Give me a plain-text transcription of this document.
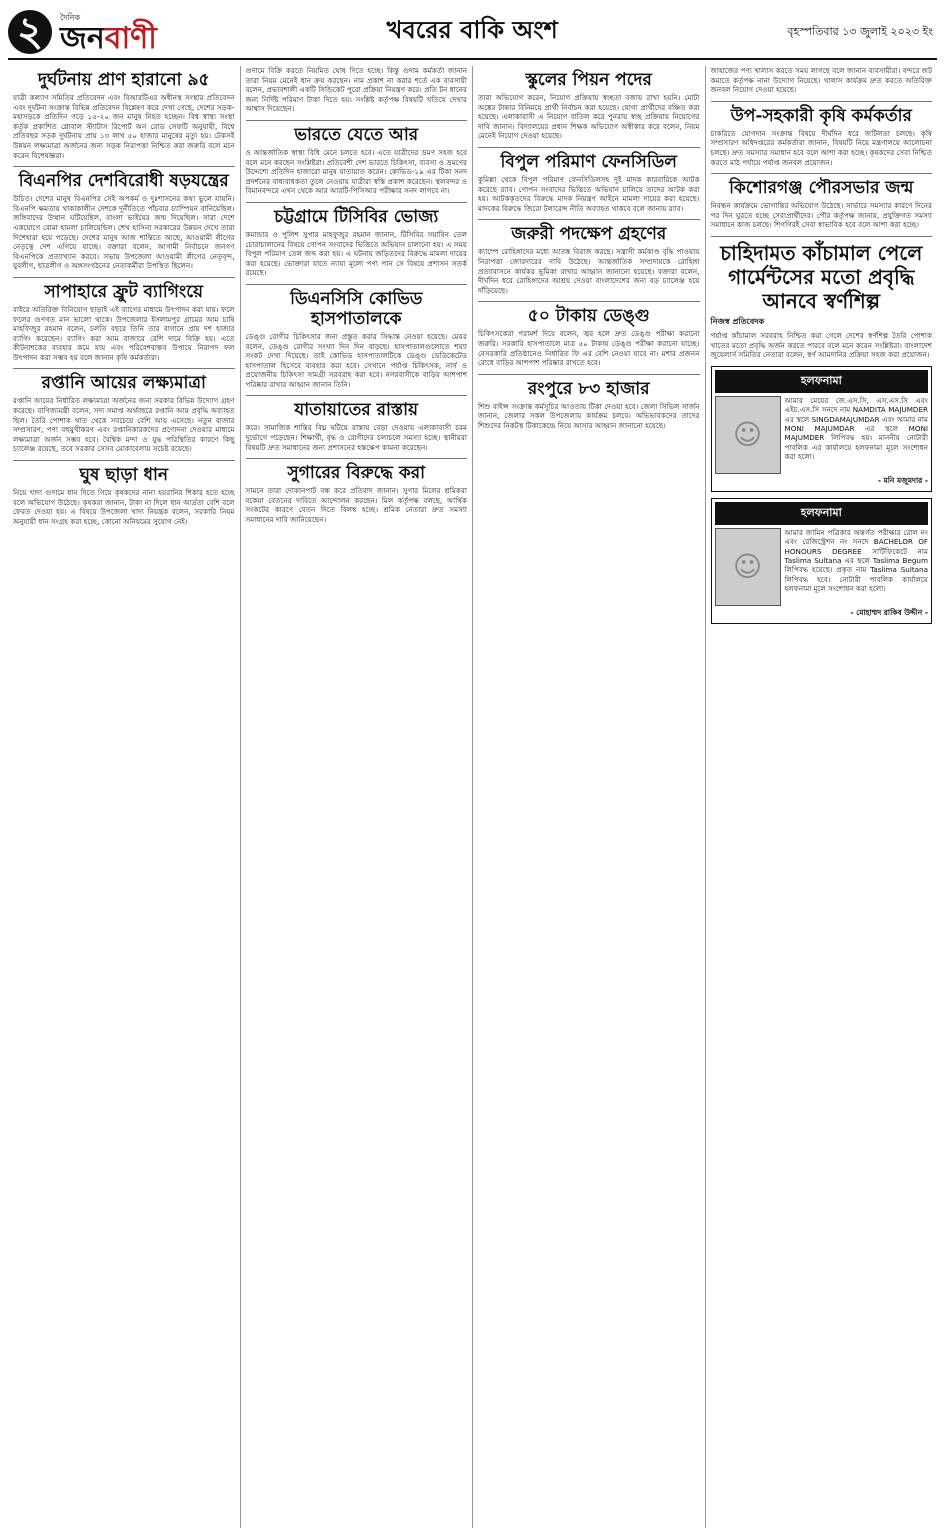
২	দৈনিক
জনবাণী	খবরের বাকি অংশ	বৃহস্পতিবার ১৩ জুলাই ২০২৩ ইং
দুর্ঘটনায় প্রাণ হারানো ৯৫
যাত্রী কল্যাণ সমিতির প্রতিবেদন এবং বিআরটিএর অধীনস্থ সংস্থার প্রতিবেদন এবং দুর্ঘটনা সংক্রান্ত বিভিন্ন প্রতিবেদন বিশ্লেষণ করে দেখা গেছে, দেশের সড়ক-মহাসড়কে প্রতিদিন গড়ে ১৫-২০ জন মানুষ নিহত হচ্ছেন। বিশ্ব স্বাস্থ্য সংস্থা কর্তৃক প্রকাশিত গ্লোবাল স্ট্যাটাস রিপোর্ট অন রোড সেফটি অনুযায়ী, বিশ্বে প্রতিবছর সড়ক দুর্ঘটনায় প্রায় ১৩ লাখ ৫০ হাজার মানুষের মৃত্যু হয়। টেকসই উন্নয়ন লক্ষ্যমাত্রা অর্জনের জন্য সড়ক নিরাপত্তা নিশ্চিত করা জরুরি বলে মনে করেন বিশেষজ্ঞরা।
বিএনপির দেশবিরোধী ষড়যন্ত্রের
উচিত। দেশের মানুষ বিএনপির সেই অপকর্ম ও দুঃশাসনের কথা ভুলে যায়নি। বিএনপি ক্ষমতায় থাকাকালীন দেশকে দুর্নীতিতে পাঁচবার চ্যাম্পিয়ন বানিয়েছিল। জঙ্গিবাদের উত্থান ঘটিয়েছিল, বাংলা ভাইয়ের জন্ম দিয়েছিল। সারা দেশে একযোগে বোমা হামলা চালিয়েছিল। শেখ হাসিনা সরকারের উন্নয়ন দেখে তারা দিশেহারা হয়ে পড়েছে। দেশের মানুষ আজ শান্তিতে আছে, আওয়ামী লীগের নেতৃত্বে দেশ এগিয়ে যাচ্ছে। বক্তারা বলেন, আগামী নির্বাচনে জনগণ বিএনপিকে প্রত্যাখ্যান করবে। সভায় উপজেলা আওয়ামী লীগের নেতৃবৃন্দ, যুবলীগ, ছাত্রলীগ ও অঙ্গসংগঠনের নেতাকর্মীরা উপস্থিত ছিলেন।
সাপাহারে ফ্রুট ব্যাগিংয়ে
বাইরে অতিরিক্ত বিনিয়োগ ছাড়াই এই ব্যাগের মাধ্যমে উৎপাদন করা যায়। ফলে ফলের গুণগত মান ভালো থাকে। উপজেলার ইসলামপুর গ্রামের আম চাষি মাহফিজুর রহমান বলেন, চলতি বছরে তিনি তার বাগানে প্রায় দশ হাজার ব্যাগিং করেছেন। ব্যাগিং করা আম বাজারে বেশি দামে বিক্রি হয়। এতে কীটনাশকের ব্যবহার কমে যায় এবং পরিবেশবান্ধব উপায়ে নিরাপদ ফল উৎপাদন করা সম্ভব হয় বলে জানান কৃষি কর্মকর্তারা।
রপ্তানি আয়ের লক্ষ্যমাত্রা
রপ্তানি আয়ের নির্ধারিত লক্ষ্যমাত্রা অর্জনের জন্য সরকার বিভিন্ন উদ্যোগ গ্রহণ করেছে। বাণিজ্যমন্ত্রী বলেন, সদ্য সমাপ্ত অর্থবছরে রপ্তানি আয় প্রবৃদ্ধি অব্যাহত ছিল। তৈরি পোশাক খাত থেকে সবচেয়ে বেশি আয় এসেছে। নতুন বাজার সম্প্রসারণ, পণ্য বহুমুখীকরণ এবং রপ্তানিকারকদের প্রণোদনা দেওয়ার মাধ্যমে লক্ষ্যমাত্রা অর্জন সম্ভব হবে। বৈশ্বিক মন্দা ও যুদ্ধ পরিস্থিতির কারণে কিছু চ্যালেঞ্জ রয়েছে, তবে সরকার সেসব মোকাবেলায় সচেষ্ট রয়েছে।
ঘুষ ছাড়া ধান
নিয়ে খাদ্য গুদামে ধান দিতে গিয়ে কৃষকদের নানা হয়রানির শিকার হতে হচ্ছে বলে অভিযোগ উঠেছে। কৃষকরা জানান, টাকা না দিলে ধান আর্দ্রতা বেশি বলে ফেরত দেওয়া হয়। এ বিষয়ে উপজেলা খাদ্য নিয়ন্ত্রক বলেন, সরকারি নিয়ম অনুযায়ী ধান সংগ্রহ করা হচ্ছে, কোনো অনিয়মের সুযোগ নেই।
গুদামে বিক্রি করতে নিয়মিত ঘোষ দিতে হচ্ছে। কিন্তু গুদাম কর্মকর্তা জানান তারা নিয়ম মেনেই ধান ক্রয় করছেন। নাম প্রকাশ না করার শর্তে এক ব্যবসায়ী বলেন, প্রভাবশালী একটি সিন্ডিকেট পুরো প্রক্রিয়া নিয়ন্ত্রণ করে। প্রতি টন ধানের জন্য নির্দিষ্ট পরিমাণ টাকা দিতে হয়। সংশ্লিষ্ট কর্তৃপক্ষ বিষয়টি খতিয়ে দেখার আশ্বাস দিয়েছেন।
ভারতে যেতে আর
ও আন্তর্জাতিক স্বাস্থ্য বিধি মেনে চলতে হবে। এতে যাত্রীদের ভ্রমণ সহজ হবে বলে মনে করছেন সংশ্লিষ্টরা। প্রতিবেশী দেশ ভারতে চিকিৎসা, ব্যবসা ও ভ্রমণের উদ্দেশ্যে প্রতিদিন হাজারো মানুষ যাতায়াত করেন। কোভিড-১৯ এর টিকা সনদ প্রদর্শনের বাধ্যবাধকতা তুলে নেওয়ায় যাত্রীরা স্বস্তি প্রকাশ করেছেন। স্থলবন্দর ও বিমানবন্দরে এখন থেকে আর আরটি-পিসিআর পরীক্ষার সনদ লাগবে না।
চট্টগ্রামে টিসিবির ভোজ্য
কমান্ডার ও পুলিশ সুপার মাহফুজুর রহমান জানান, টিসিবির সয়াবিন তেল চোরাচালানের বিষয়ে গোপন সংবাদের ভিত্তিতে অভিযান চালানো হয়। এ সময় বিপুল পরিমাণ তেল জব্দ করা হয়। এ ঘটনায় জড়িতদের বিরুদ্ধে মামলা দায়ের করা হয়েছে। ভোক্তারা যাতে ন্যায্য মূল্যে পণ্য পান সে বিষয়ে প্রশাসন সতর্ক রয়েছে।
ডিএনসিসি কোভিড হাসপাতালকে
ডেঙ্গু রোগীর চিকিৎসার জন্য প্রস্তুত করার সিদ্ধান্ত নেওয়া হয়েছে। মেয়র বলেন, ডেঙ্গু রোগীর সংখ্যা দিন দিন বাড়ছে। হাসপাতালগুলোতে শয্যা সংকট দেখা দিয়েছে। তাই কোভিড হাসপাতালটিকে ডেঙ্গু ডেডিকেটেড হাসপাতাল হিসেবে ব্যবহার করা হবে। সেখানে পর্যাপ্ত চিকিৎসক, নার্স ও প্রয়োজনীয় চিকিৎসা সামগ্রী সরবরাহ করা হবে। নগরবাসীকে বাড়ির আশপাশ পরিষ্কার রাখার আহ্বান জানান তিনি।
যাতায়াতের রাস্তায়
করে। সামাজিক শান্তির বিঘ্ন ঘটিয়ে রাস্তায় বেড়া দেওয়ায় এলাকাবাসী চরম দুর্ভোগে পড়েছেন। শিক্ষার্থী, বৃদ্ধ ও রোগীদের চলাচলে সমস্যা হচ্ছে। স্থানীয়রা বিষয়টি দ্রুত সমাধানের জন্য প্রশাসনের হস্তক্ষেপ কামনা করেছেন।
সুগারের বিরুদ্ধে করা
সামনে তারা দোকানপাট বন্ধ করে প্রতিবাদ জানান। সুগার মিলের শ্রমিকরা বকেয়া বেতনের দাবিতে আন্দোলন করছেন। মিল কর্তৃপক্ষ বলছে, আর্থিক সংকটের কারণে বেতন দিতে বিলম্ব হচ্ছে। শ্রমিক নেতারা দ্রুত সমস্যা সমাধানের দাবি জানিয়েছেন।
স্কুলের পিয়ন পদের
তারা অভিযোগ করেন, নিয়োগ প্রক্রিয়ায় স্বচ্ছতা বজায় রাখা হয়নি। মোটা অঙ্কের টাকার বিনিময়ে প্রার্থী নির্বাচন করা হয়েছে। যোগ্য প্রার্থীদের বঞ্চিত করা হয়েছে। এলাকাবাসী এ নিয়োগ বাতিল করে পুনরায় স্বচ্ছ প্রক্রিয়ায় নিয়োগের দাবি জানান। বিদ্যালয়ের প্রধান শিক্ষক অভিযোগ অস্বীকার করে বলেন, নিয়ম মেনেই নিয়োগ দেওয়া হয়েছে।
বিপুল পরিমাণ ফেনসিডিল
কুমিল্লা থেকে বিপুল পরিমাণ ফেনসিডিলসহ দুই মাদক কারবারিকে আটক করেছে র‍্যাব। গোপন সংবাদের ভিত্তিতে অভিযান চালিয়ে তাদের আটক করা হয়। আটককৃতদের বিরুদ্ধে মাদক নিয়ন্ত্রণ আইনে মামলা দায়ের করা হয়েছে। মাদকের বিরুদ্ধে জিরো টলারেন্স নীতি অব্যাহত থাকবে বলে জানায় র‍্যাব।
জরুরী পদক্ষেপ গ্রহণের
ক্যাম্পে রোহিঙ্গাদের মধ্যে আতঙ্ক বিরাজ করছে। সন্ত্রাসী কর্মকাণ্ড বৃদ্ধি পাওয়ায় নিরাপত্তা জোরদারের দাবি উঠেছে। আন্তর্জাতিক সম্প্রদায়কে রোহিঙ্গা প্রত্যাবাসনে কার্যকর ভূমিকা রাখার আহ্বান জানানো হয়েছে। বক্তারা বলেন, দীর্ঘদিন ধরে রোহিঙ্গাদের আশ্রয় দেওয়া বাংলাদেশের জন্য বড় চ্যালেঞ্জ হয়ে দাঁড়িয়েছে।
৫০ টাকায় ডেঙ্গু
চিকিৎসকেরা পরামর্শ দিয়ে বলেন, জ্বর হলে দ্রুত ডেঙ্গু পরীক্ষা করানো জরুরি। সরকারি হাসপাতালে মাত্র ৫০ টাকায় ডেঙ্গু পরীক্ষা করানো যাচ্ছে। বেসরকারি প্রতিষ্ঠানেও নির্ধারিত ফি এর বেশি নেওয়া যাবে না। মশার প্রজনন রোধে বাড়ির আশপাশ পরিষ্কার রাখতে হবে।
রংপুরে ৮৩ হাজার
শিশু বাইপ্স সংক্রান্ত কর্মসূচির আওতায় টিকা দেওয়া হবে। জেলা সিভিল সার্জন জানান, জেলার সকল উপজেলায় কার্যক্রম চলবে। অভিভাবকদের তাদের শিশুদের নিকটস্থ টিকাকেন্দ্রে নিয়ে আসার আহ্বান জানানো হয়েছে।
জাহাজের পণ্য খালাস করতে সময় লাগছে বলে জানান ব্যবসায়ীরা। বন্দরে জট কমাতে কর্তৃপক্ষ নানা উদ্যোগ নিয়েছে। খালাস কার্যক্রম দ্রুত করতে অতিরিক্ত জনবল নিয়োগ দেওয়া হয়েছে।
উপ-সহকারী কৃষি কর্মকর্তার
চাকরিতে যোগদান সংক্রান্ত বিষয়ে দীর্ঘদিন ধরে জটিলতা চলছে। কৃষি সম্প্রসারণ অধিদপ্তরের কর্মকর্তারা জানান, বিষয়টি নিয়ে মন্ত্রণালয়ে আলোচনা চলছে। দ্রুত সমস্যার সমাধান হবে বলে আশা করা হচ্ছে। কৃষকদের সেবা নিশ্চিত করতে মাঠ পর্যায়ে পর্যাপ্ত জনবল প্রয়োজন।
কিশোরগঞ্জ পৌরসভার জন্ম
নিবন্ধন কার্যক্রমে ভোগান্তির অভিযোগ উঠেছে। সার্ভারে সমস্যার কারণে দিনের পর দিন ঘুরতে হচ্ছে সেবাপ্রার্থীদের। পৌর কর্তৃপক্ষ জানায়, প্রযুক্তিগত সমস্যা সমাধানে কাজ চলছে। শিগগিরই সেবা স্বাভাবিক হবে বলে আশা করা হচ্ছে।
চাহিদামত কাঁচামাল পেলে গার্মেন্টসের মতো প্রবৃদ্ধি আনবে স্বর্ণশিল্প
নিজস্ব প্রতিবেদক
পর্যাপ্ত কাঁচামাল সরবরাহ নিশ্চিত করা গেলে দেশের স্বর্ণশিল্প তৈরি পোশাক খাতের মতো প্রবৃদ্ধি অর্জন করতে পারবে বলে মনে করেন সংশ্লিষ্টরা। বাংলাদেশ জুয়েলার্স সমিতির নেতারা বলেন, স্বর্ণ আমদানির প্রক্রিয়া সহজ করা প্রয়োজন।
হলফনামা
☺
আমার মেয়ের জে.এস.সি, এস.এস.সি এবং এইচ.এস.সি সনদে নাম NAMDITA MAJUMDER এর স্থলে SINGDAMAJUMDAR এবং আমার নাম MONI MAJUMDAR এর স্থলে MONI MAJUMDER লিপিবদ্ধ হয়। মাননীয় নোটারী পাবলিক এর কার্যালয়ে হলফনামা মূলে সংশোধন করা হলো।
- মনি মজুমদার -
হলফনামা
☺
আমার জামিন পত্রিকার অন্তর্গত পরীক্ষার রোল নং এবং রেজিস্ট্রেশন নং সনদে BACHELOR OF HONOURS DEGREE সার্টিফিকেটে নাম Taslima Sultana এর স্থলে Taslima Begum লিপিবদ্ধ হয়েছে। প্রকৃত নাম Taslima Sultana লিপিবদ্ধ হবে। নোটারী পাবলিক কার্যালয়ে হলফনামা মূলে সংশোধন করা হলো।
- মোহাম্মদ রাকিব উদ্দীন -
